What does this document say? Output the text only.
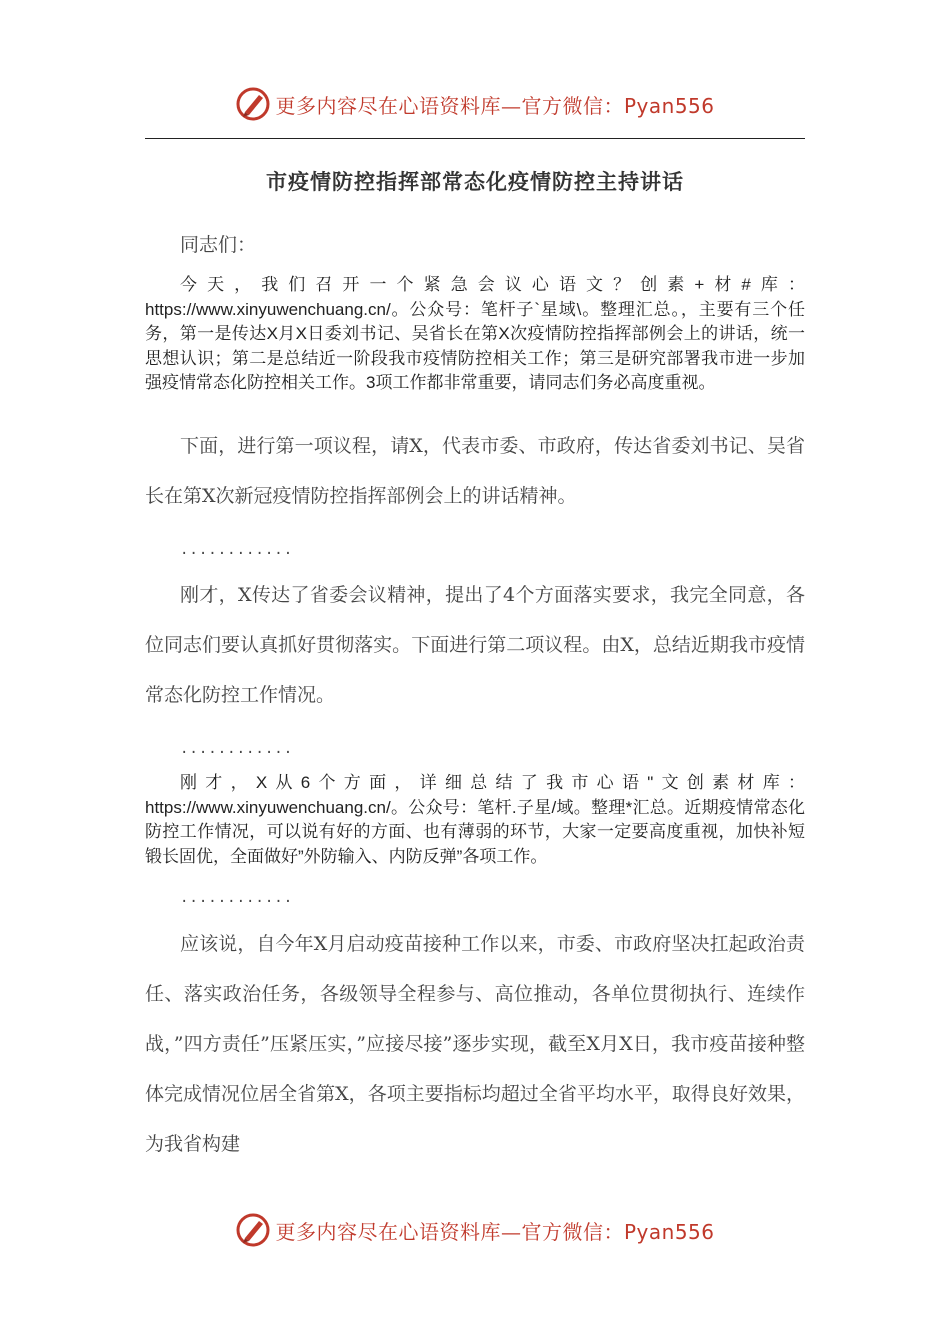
更多内容尽在心语资料库—官方微信：Pyan556
市疫情防控指挥部常态化疫情防控主持讲话

同志们：

今天，我们召开一个紧急会议心语文？创素+材#库：https://www.xinyuwenchuang.cn/。公众号：笔杆子`星域\。整理汇总。，主要有三个任务，第一是传达X月X日委刘书记、吴省长在第X次疫情防控指挥部例会上的讲话，统一思想认识；第二是总结近一阶段我市疫情防控相关工作；第三是研究部署我市进一步加强疫情常态化防控相关工作。3项工作都非常重要，请同志们务必高度重视。

下面，进行第一项议程，请X，代表市委、市政府，传达省委刘书记、吴省长在第X次新冠疫情防控指挥部例会上的讲话精神。

............

刚才，X传达了省委会议精神，提出了4个方面落实要求，我完全同意，各位同志们要认真抓好贯彻落实。下面进行第二项议程。由X，总结近期我市疫情常态化防控工作情况。

............

刚才，X从6个方面，详细总结了我市心语"文创素材库：https://www.xinyuwenchuang.cn/。公众号：笔杆.子星/域。整理*汇总。近期疫情常态化防控工作情况，可以说有好的方面、也有薄弱的环节，大家一定要高度重视，加快补短锻长固优，全面做好”外防输入、内防反弹”各项工作。

............

应该说，自今年X月启动疫苗接种工作以来，市委、市政府坚决扛起政治责任、落实政治任务，各级领导全程参与、高位推动，各单位贯彻执行、连续作战，”四方责任”压紧压实，”应接尽接”逐步实现，截至X月X日，我市疫苗接种整体完成情况位居全省第X，各项主要指标均超过全省平均水平，取得良好效果，为我省构建

更多内容尽在心语资料库—官方微信：Pyan556
